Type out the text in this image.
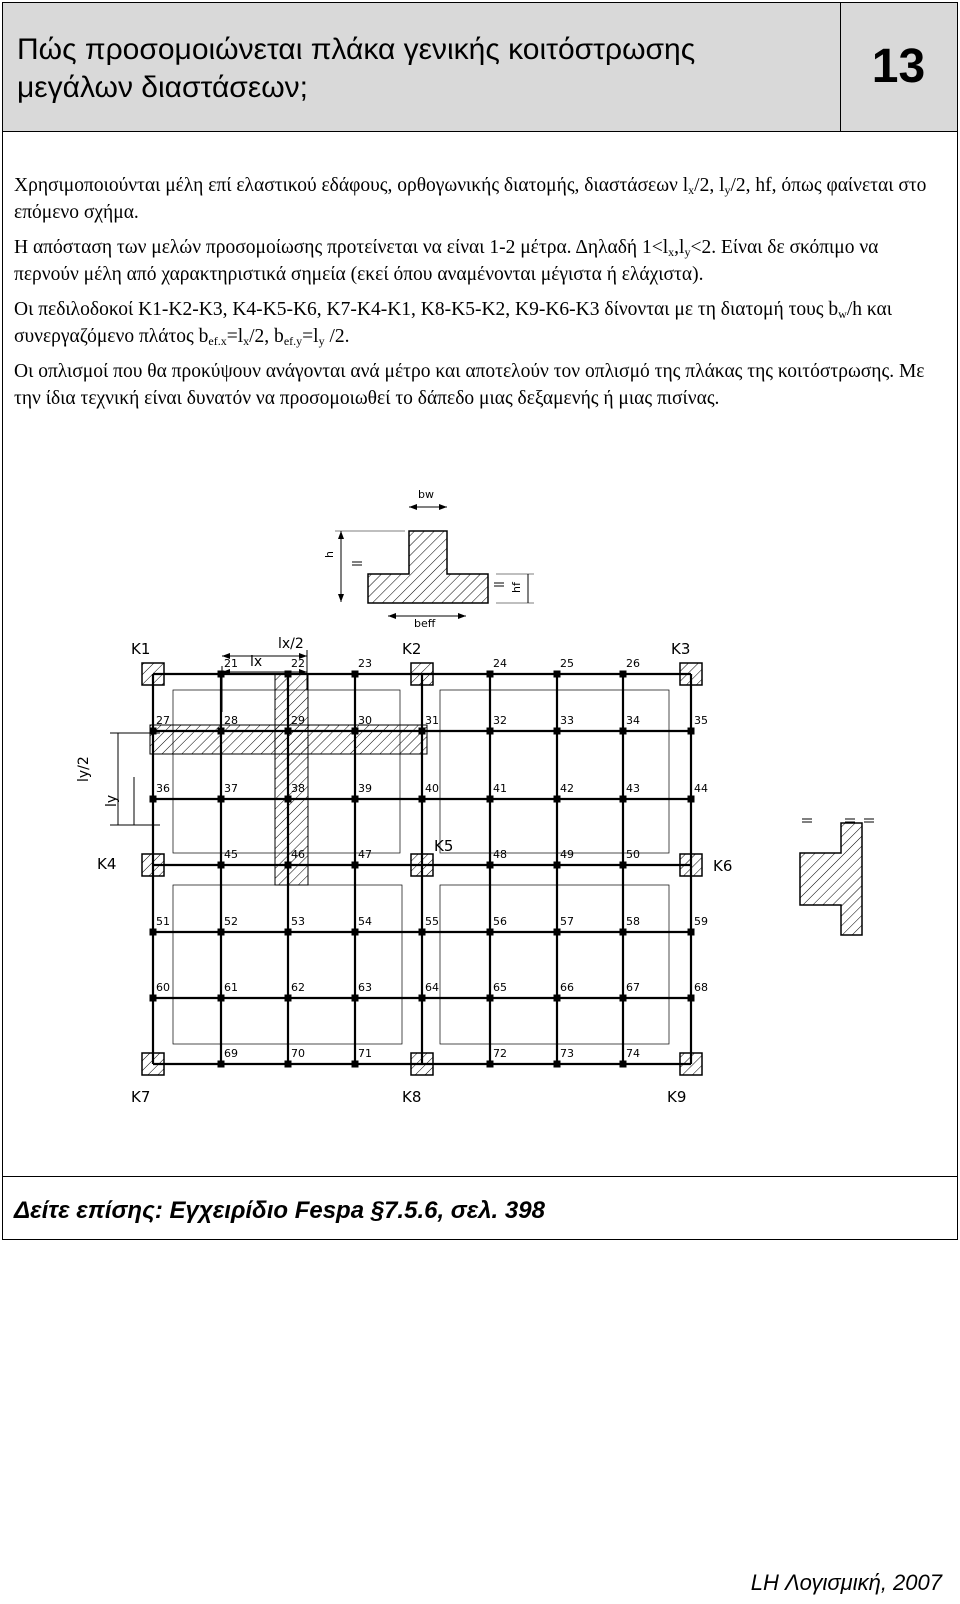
Πώς προσομοιώνεται πλάκα γενικής κοιτόστρωσης
μεγάλων διαστάσεων;	13

Χρησιμοποιούνται μέλη επί ελαστικού εδάφους, ορθογωνικής διατομής, διαστάσεων $l_x/2$, $l_y/2$, hf, όπως φαίνεται στο επόμενο σχήμα.

Η απόσταση των μελών προσομοίωσης προτείνεται να είναι 1-2 μέτρα. Δηλαδή $1<l_x,l_y<2$. Είναι δε σκόπιμο να περνούν μέλη από χαρακτηριστικά σημεία (εκεί όπου αναμένονται μέγιστα ή ελάχιστα).

Οι πεδιλοδοκοί Κ1-Κ2-Κ3, Κ4-Κ5-Κ6, Κ7-Κ4-Κ1, Κ8-Κ5-Κ2, Κ9-Κ6-Κ3 δίνονται με τη διατομή τους $b_w/h$ και συνεργαζόμενο πλάτος $b_{ef.x}=l_x/2$, $b_{ef.y}=l_y$ /2.

Οι οπλισμοί που θα προκύψουν ανάγονται ανά μέτρο και αποτελούν τον οπλισμό της πλάκας της κοιτόστρωσης. Με την ίδια τεχνική είναι δυνατόν να προσομοιωθεί το δάπεδο μιας δεξαμενής ή μιας πισίνας.

bw
h
hf
beff
lx/2
lx
ly/2
ly
21	22	23	24	25	26
27	28	29	30	31	32	33	34	35
36	37	38	39	40	41	42	43	44
45	46	47	48	49	50
51	52	53	54	55	56	57	58	59
60	61	62	63	64	65	66	67	68
69	70	71	72	73	74
K1	K2	K3
K4
K5
K6
K7	K8	K9
Δείτε επίσης: Εγχειρίδιο Fespa §7.5.6, σελ. 398
LH Λογισμική, 2007
